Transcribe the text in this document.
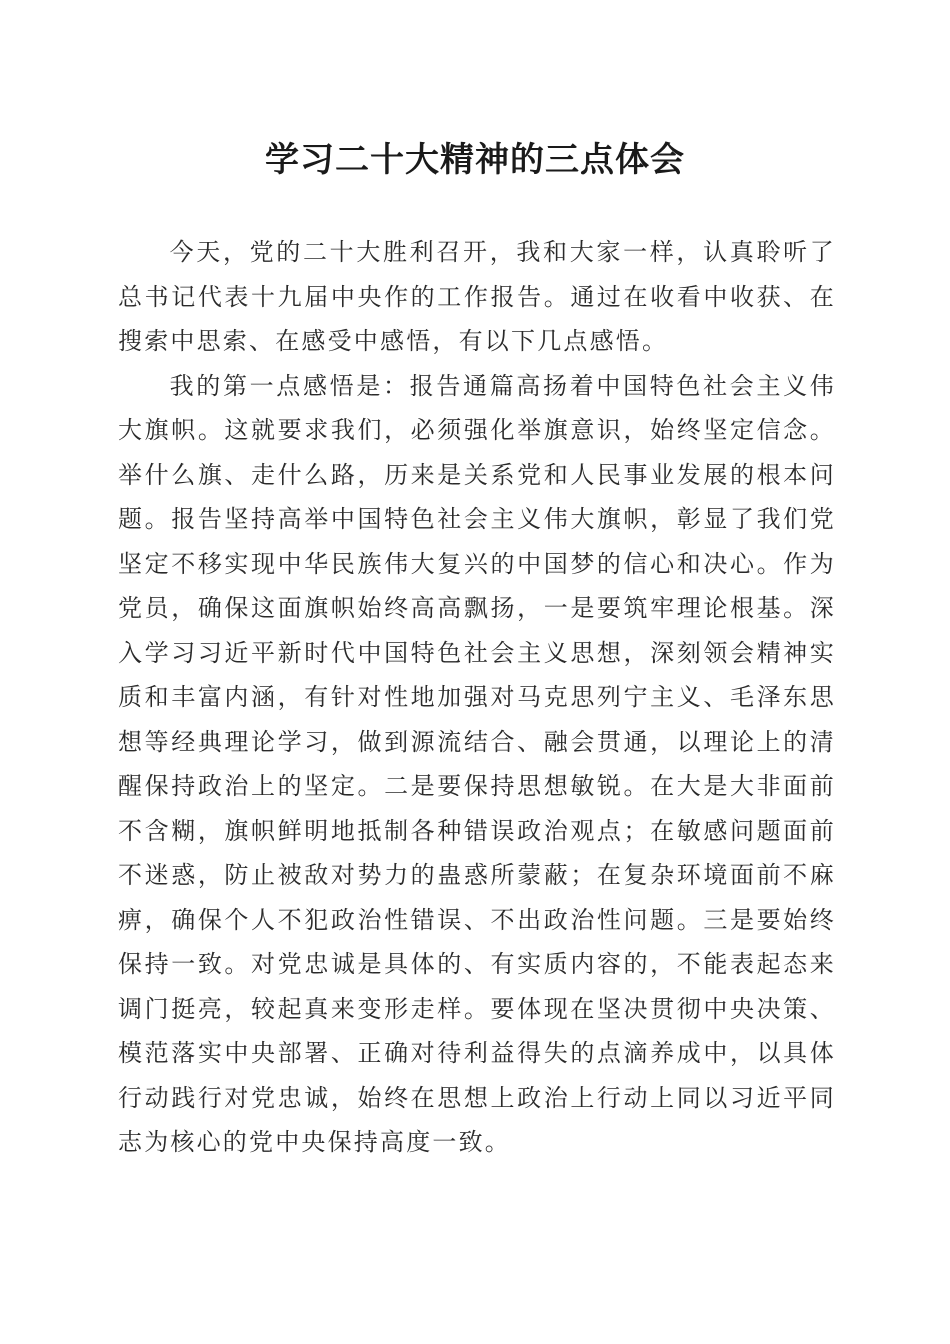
学习二十大精神的三点体会

今天，党的二十大胜利召开，我和大家一样，认真聆听了总书记代表十九届中央作的工作报告。通过在收看中收获、在搜索中思索、在感受中感悟，有以下几点感悟。

我的第一点感悟是：报告通篇高扬着中国特色社会主义伟大旗帜。这就要求我们，必须强化举旗意识，始终坚定信念。举什么旗、走什么路，历来是关系党和人民事业发展的根本问题。报告坚持高举中国特色社会主义伟大旗帜，彰显了我们党坚定不移实现中华民族伟大复兴的中国梦的信心和决心。作为党员，确保这面旗帜始终高高飘扬，一是要筑牢理论根基。深入学习习近平新时代中国特色社会主义思想，深刻领会精神实质和丰富内涵，有针对性地加强对马克思列宁主义、毛泽东思想等经典理论学习，做到源流结合、融会贯通，以理论上的清醒保持政治上的坚定。二是要保持思想敏锐。在大是大非面前不含糊，旗帜鲜明地抵制各种错误政治观点；在敏感问题面前不迷惑，防止被敌对势力的蛊惑所蒙蔽；在复杂环境面前不麻痹，确保个人不犯政治性错误、不出政治性问题。三是要始终保持一致。对党忠诚是具体的、有实质内容的，不能表起态来调门挺亮，较起真来变形走样。要体现在坚决贯彻中央决策、模范落实中央部署、正确对待利益得失的点滴养成中，以具体行动践行对党忠诚，始终在思想上政治上行动上同以习近平同志为核心的党中央保持高度一致。
